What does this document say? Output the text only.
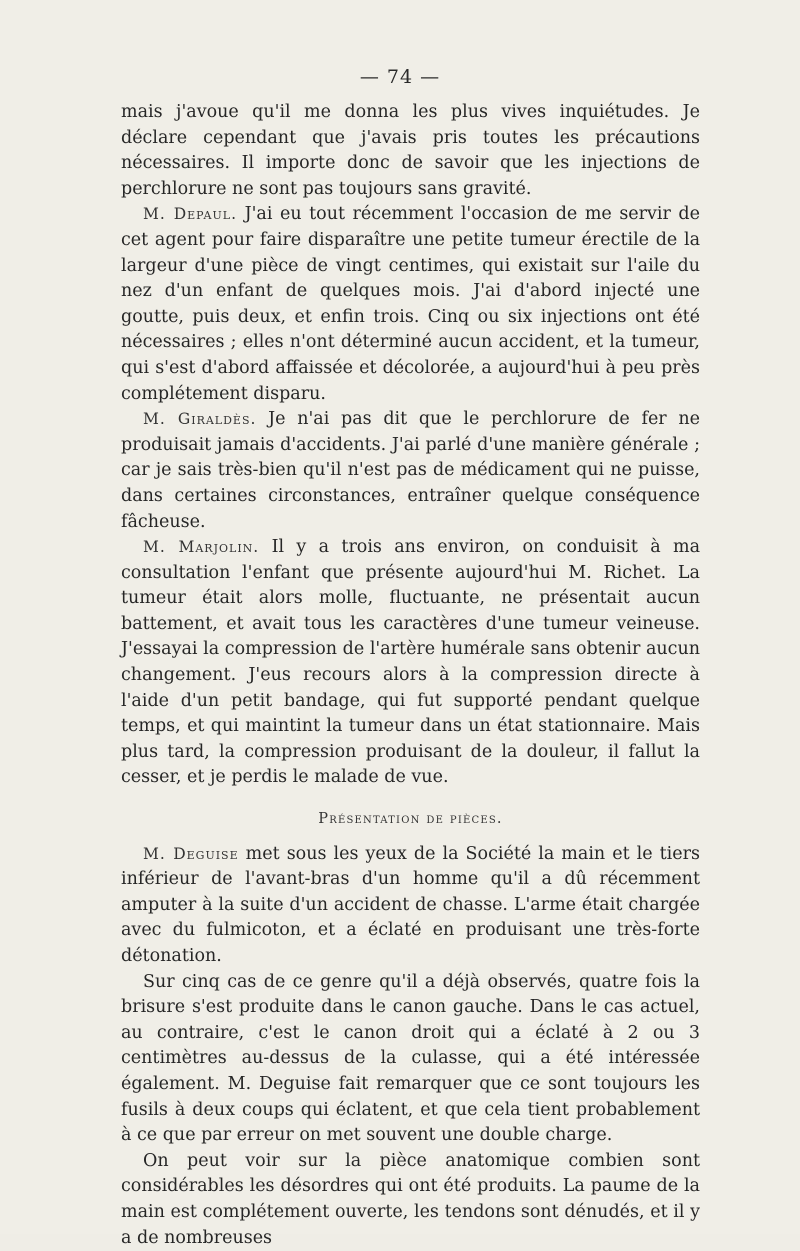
— 74 —

mais j'avoue qu'il me donna les plus vives inquiétudes. Je déclare cependant que j'avais pris toutes les précautions nécessaires. Il importe donc de savoir que les injections de perchlorure ne sont pas toujours sans gravité.

M. Depaul. J'ai eu tout récemment l'occasion de me servir de cet agent pour faire disparaître une petite tumeur érectile de la largeur d'une pièce de vingt centimes, qui existait sur l'aile du nez d'un enfant de quelques mois. J'ai d'abord injecté une goutte, puis deux, et enfin trois. Cinq ou six injections ont été nécessaires ; elles n'ont déterminé aucun accident, et la tumeur, qui s'est d'abord affaissée et décolorée, a aujourd'hui à peu près complétement disparu.

M. Giraldès. Je n'ai pas dit que le perchlorure de fer ne produisait jamais d'accidents. J'ai parlé d'une manière générale ; car je sais très-bien qu'il n'est pas de médicament qui ne puisse, dans certaines circonstances, entraîner quelque conséquence fâcheuse.

M. Marjolin. Il y a trois ans environ, on conduisit à ma consultation l'enfant que présente aujourd'hui M. Richet. La tumeur était alors molle, fluctuante, ne présentait aucun battement, et avait tous les caractères d'une tumeur veineuse. J'essayai la compression de l'artère humérale sans obtenir aucun changement. J'eus recours alors à la compression directe à l'aide d'un petit bandage, qui fut supporté pendant quelque temps, et qui maintint la tumeur dans un état stationnaire. Mais plus tard, la compression produisant de la douleur, il fallut la cesser, et je perdis le malade de vue.

Présentation de pièces.

M. Deguise met sous les yeux de la Société la main et le tiers inférieur de l'avant-bras d'un homme qu'il a dû récemment amputer à la suite d'un accident de chasse. L'arme était chargée avec du fulmicoton, et a éclaté en produisant une très-forte détonation.

Sur cinq cas de ce genre qu'il a déjà observés, quatre fois la brisure s'est produite dans le canon gauche. Dans le cas actuel, au contraire, c'est le canon droit qui a éclaté à 2 ou 3 centimètres au-dessus de la culasse, qui a été intéressée également. M. Deguise fait remarquer que ce sont toujours les fusils à deux coups qui éclatent, et que cela tient probablement à ce que par erreur on met souvent une double charge.

On peut voir sur la pièce anatomique combien sont considérables les désordres qui ont été produits. La paume de la main est complétement ouverte, les tendons sont dénudés, et il y a de nombreuses
